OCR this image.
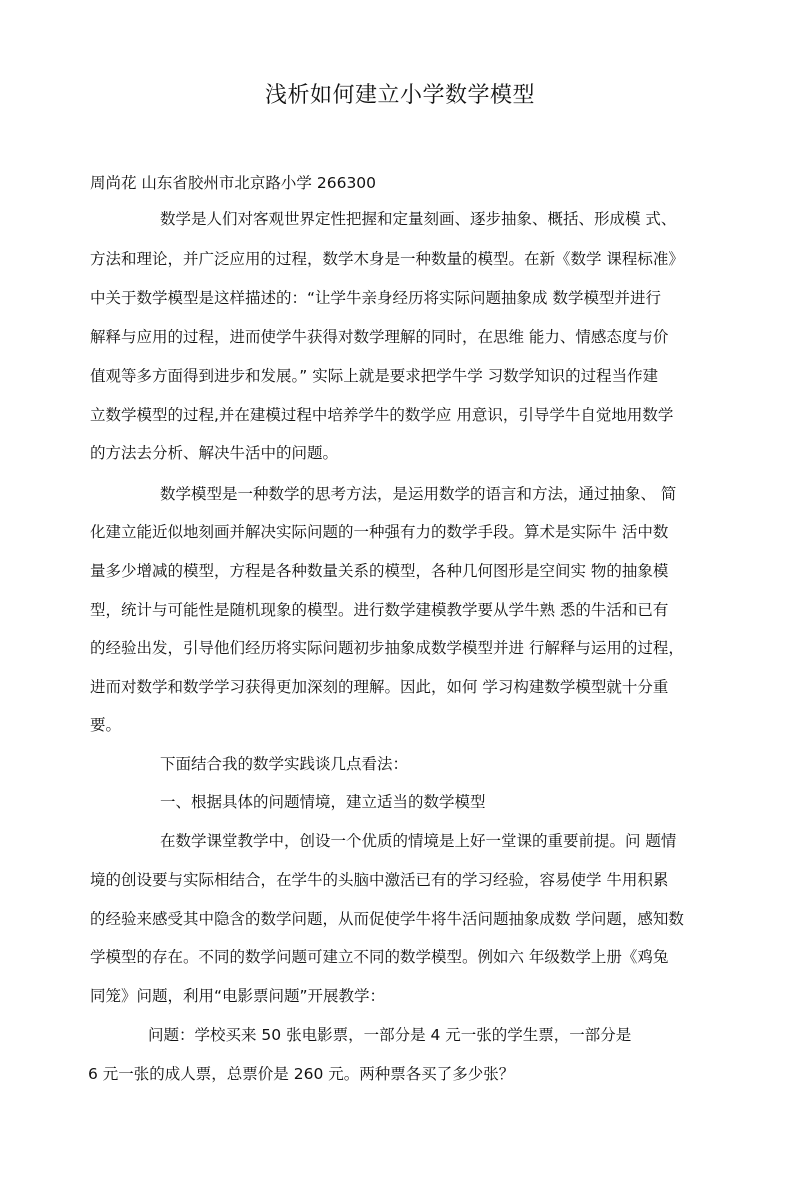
浅析如何建立小学数学模型
周尚花 山东省胶州市北京路小学 266300
数学是人们对客观世界定性把握和定量刻画、逐步抽象、概括、形成模 式、
方法和理论，并广泛应用的过程，数学木身是一种数量的模型。在新《数学 课程标准》
中关于数学模型是这样描述的：“让学牛亲身经历将实际问题抽象成 数学模型并进行
解释与应用的过程，进而使学牛获得对数学理解的同时，在思维 能力、情感态度与价
值观等多方面得到进步和发展。” 实际上就是要求把学牛学 习数学知识的过程当作建
立数学模型的过程,并在建模过程中培养学牛的数学应 用意识，引导学牛自觉地用数学
的方法去分析、解决牛活中的问题。
数学模型是一种数学的思考方法，是运用数学的语言和方法，通过抽象、 简
化建立能近似地刻画并解决实际问题的一种强有力的数学手段。算术是实际牛 活中数
量多少增减的模型，方程是各种数量关系的模型，各种几何图形是空间实 物的抽象模
型，统计与可能性是随机现象的模型。进行数学建模教学要从学牛熟 悉的牛活和已有
的经验出发，引导他们经历将实际问题初步抽象成数学模型并进 行解释与运用的过程，
进而对数学和数学学习获得更加深刻的理解。因此，如何 学习构建数学模型就十分重
要。
下面结合我的数学实践谈几点看法：
一、根据具体的问题情境，建立适当的数学模型
在数学课堂教学中，创设一个优质的情境是上好一堂课的重要前提。问 题情
境的创设要与实际相结合，在学牛的头脑中激活已有的学习经验，容易使学 牛用积累
的经验来感受其中隐含的数学问题，从而促使学牛将牛活问题抽象成数 学问题，感知数
学模型的存在。不同的数学问题可建立不同的数学模型。例如六 年级数学上册《鸡兔
同笼》问题，利用“电影票问题”开展教学：
问题：学校买来 50 张电影票，一部分是 4 元一张的学生票，一部分是
6 元一张的成人票，总票价是 260 元。两种票各买了多少张？
